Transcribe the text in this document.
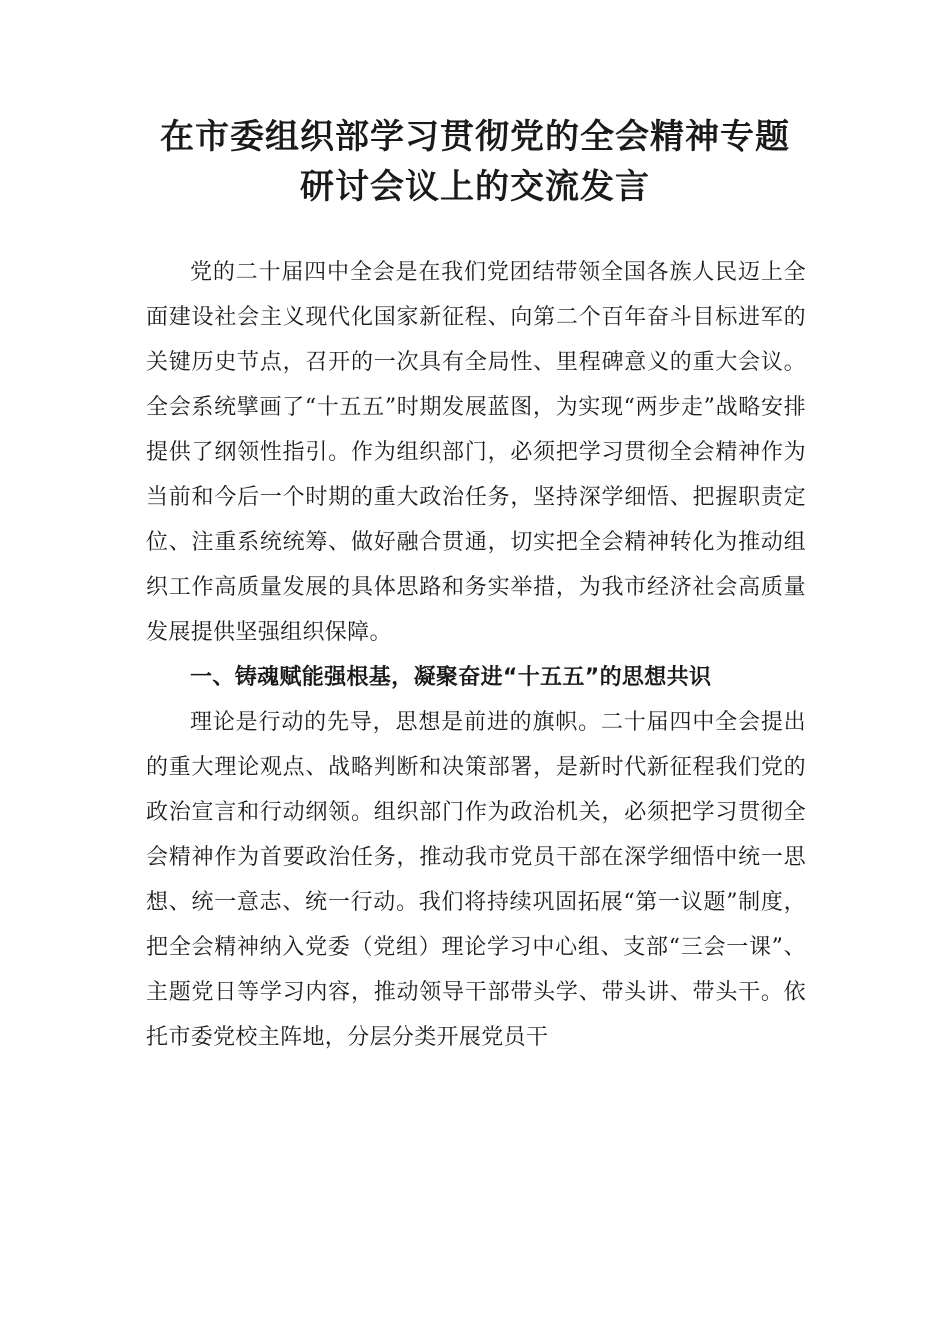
在市委组织部学习贯彻党的全会精神专题
研讨会议上的交流发言

党的二十届四中全会是在我们党团结带领全国各族人民迈上全面建设社会主义现代化国家新征程、向第二个百年奋斗目标进军的关键历史节点，召开的一次具有全局性、里程碑意义的重大会议。全会系统擘画了“十五五”时期发展蓝图，为实现“两步走”战略安排提供了纲领性指引。作为组织部门，必须把学习贯彻全会精神作为当前和今后一个时期的重大政治任务，坚持深学细悟、把握职责定位、注重系统统筹、做好融合贯通，切实把全会精神转化为推动组织工作高质量发展的具体思路和务实举措，为我市经济社会高质量发展提供坚强组织保障。

一、铸魂赋能强根基，凝聚奋进“十五五”的思想共识

理论是行动的先导，思想是前进的旗帜。二十届四中全会提出的重大理论观点、战略判断和决策部署，是新时代新征程我们党的政治宣言和行动纲领。组织部门作为政治机关，必须把学习贯彻全会精神作为首要政治任务，推动我市党员干部在深学细悟中统一思想、统一意志、统一行动。我们将持续巩固拓展“第一议题”制度，把全会精神纳入党委（党组）理论学习中心组、支部“三会一课”、主题党日等学习内容，推动领导干部带头学、带头讲、带头干。依托市委党校主阵地，分层分类开展党员干
